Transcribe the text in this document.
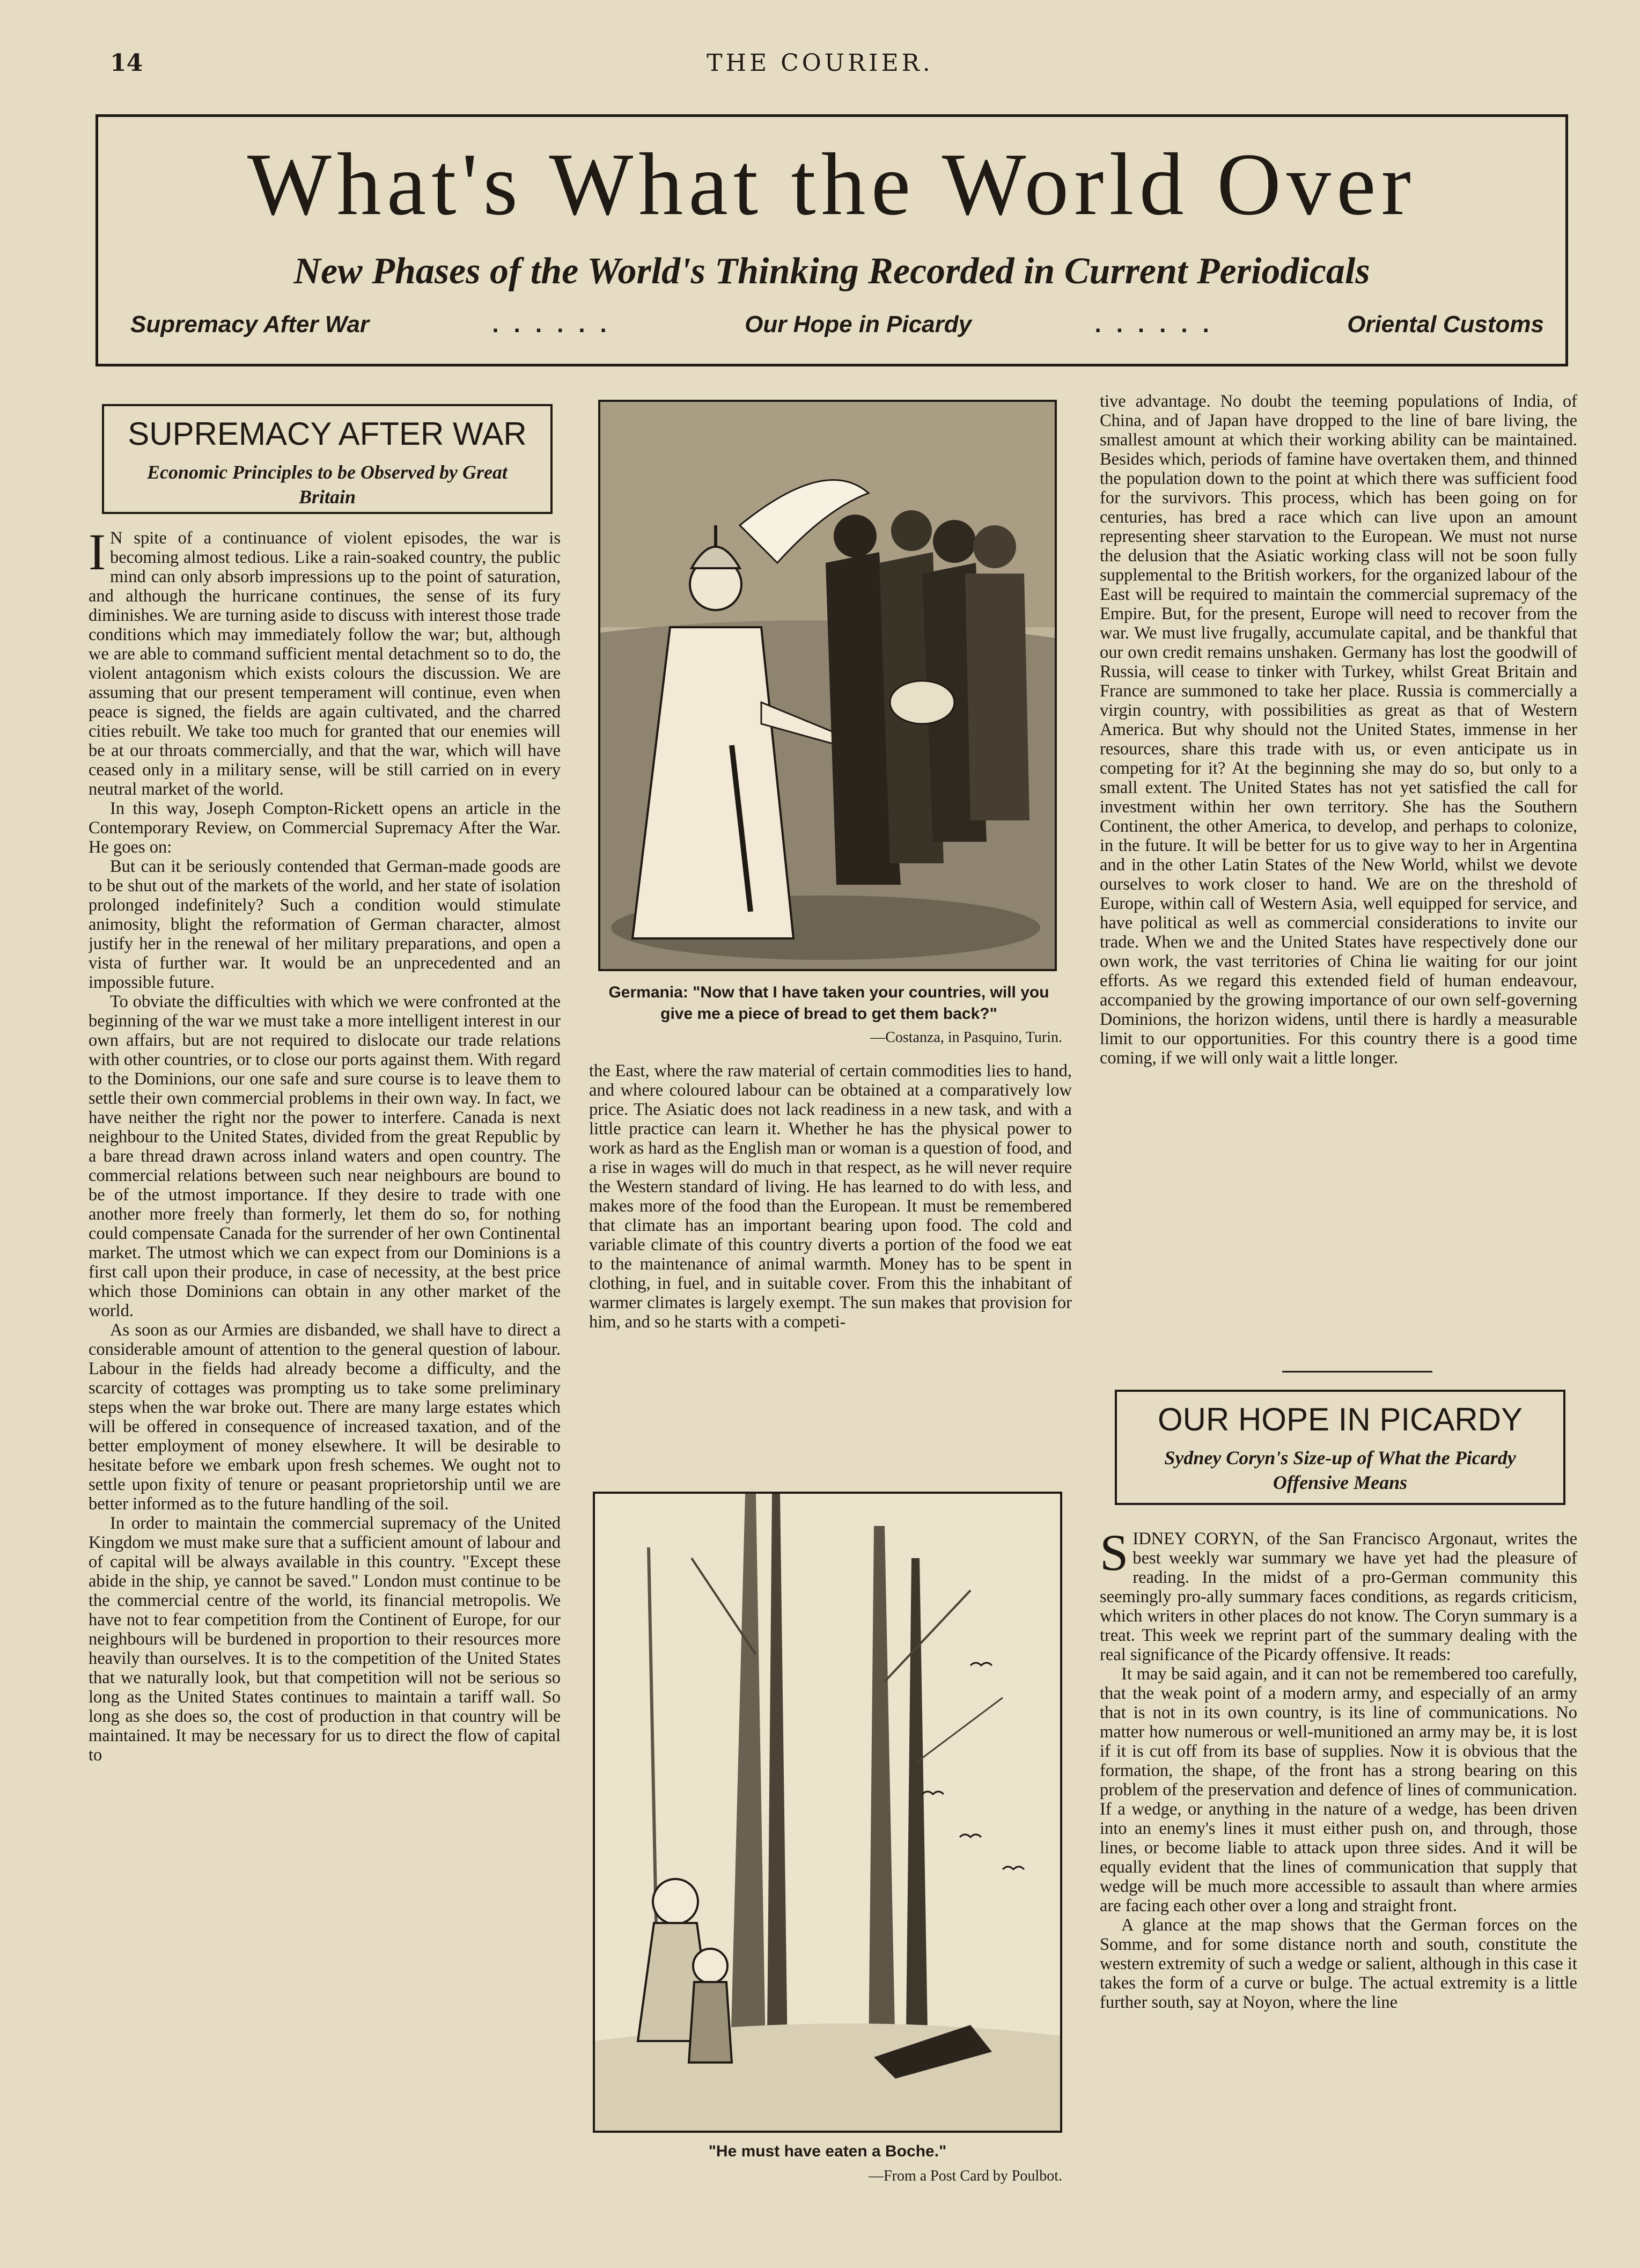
14	THE COURIER.
What's What the World Over
New Phases of the World's Thinking Recorded in Current Periodicals
Supremacy After War	......	Our Hope in Picardy	......	Oriental Customs
SUPREMACY AFTER WAR
Economic Principles to be Observed by Great Britain

I N spite of a continuance of violent episodes, the war is becoming almost tedious. Like a rain-soaked country, the public mind can only absorb impressions up to the point of saturation, and although the hurricane continues, the sense of its fury diminishes. We are turning aside to discuss with interest those trade conditions which may immediately follow the war; but, although we are able to command sufficient mental detachment so to do, the violent antagonism which exists colours the discussion. We are assuming that our present temperament will continue, even when peace is signed, the fields are again cultivated, and the charred cities rebuilt. We take too much for granted that our enemies will be at our throats commercially, and that the war, which will have ceased only in a military sense, will be still carried on in every neutral market of the world.

In this way, Joseph Compton-Rickett opens an article in the Contemporary Review, on Commercial Supremacy After the War. He goes on:

But can it be seriously contended that German-made goods are to be shut out of the markets of the world, and her state of isolation prolonged indefinitely? Such a condition would stimulate animosity, blight the reformation of German character, almost justify her in the renewal of her military preparations, and open a vista of further war. It would be an unprecedented and an impossible future.

To obviate the difficulties with which we were confronted at the beginning of the war we must take a more intelligent interest in our own affairs, but are not required to dislocate our trade relations with other countries, or to close our ports against them. With regard to the Dominions, our one safe and sure course is to leave them to settle their own commercial problems in their own way. In fact, we have neither the right nor the power to interfere. Canada is next neighbour to the United States, divided from the great Republic by a bare thread drawn across inland waters and open country. The commercial relations between such near neighbours are bound to be of the utmost importance. If they desire to trade with one another more freely than formerly, let them do so, for nothing could compensate Canada for the surrender of her own Continental market. The utmost which we can expect from our Dominions is a first call upon their produce, in case of necessity, at the best price which those Dominions can obtain in any other market of the world.

As soon as our Armies are disbanded, we shall have to direct a considerable amount of attention to the general question of labour. Labour in the fields had already become a difficulty, and the scarcity of cottages was prompting us to take some preliminary steps when the war broke out. There are many large estates which will be offered in consequence of increased taxation, and of the better employment of money elsewhere. It will be desirable to hesitate before we embark upon fresh schemes. We ought not to settle upon fixity of tenure or peasant proprietorship until we are better informed as to the future handling of the soil.

In order to maintain the commercial supremacy of the United Kingdom we must make sure that a sufficient amount of labour and of capital will be always available in this country. "Except these abide in the ship, ye cannot be saved." London must continue to be the commercial centre of the world, its financial metropolis. We have not to fear competition from the Continent of Europe, for our neighbours will be burdened in proportion to their resources more heavily than ourselves. It is to the competition of the United States that we naturally look, but that competition will not be serious so long as the United States continues to maintain a tariff wall. So long as she does so, the cost of production in that country will be maintained. It may be necessary for us to direct the flow of capital to

Germania: "Now that I have taken your countries, will you give me a piece of bread to get them back?"
—Costanza, in Pasquino, Turin.

the East, where the raw material of certain commodities lies to hand, and where coloured labour can be obtained at a comparatively low price. The Asiatic does not lack readiness in a new task, and with a little practice can learn it. Whether he has the physical power to work as hard as the English man or woman is a question of food, and a rise in wages will do much in that respect, as he will never require the Western standard of living. He has learned to do with less, and makes more of the food than the European. It must be remembered that climate has an important bearing upon food. The cold and variable climate of this country diverts a portion of the food we eat to the maintenance of animal warmth. Money has to be spent in clothing, in fuel, and in suitable cover. From this the inhabitant of warmer climates is largely exempt. The sun makes that provision for him, and so he starts with a competi-

"He must have eaten a Boche."
—From a Post Card by Poulbot.

tive advantage. No doubt the teeming populations of India, of China, and of Japan have dropped to the line of bare living, the smallest amount at which their working ability can be maintained. Besides which, periods of famine have overtaken them, and thinned the population down to the point at which there was sufficient food for the survivors. This process, which has been going on for centuries, has bred a race which can live upon an amount representing sheer starvation to the European. We must not nurse the delusion that the Asiatic working class will not be soon fully supplemental to the British workers, for the organized labour of the East will be required to maintain the commercial supremacy of the Empire. But, for the present, Europe will need to recover from the war. We must live frugally, accumulate capital, and be thankful that our own credit remains unshaken. Germany has lost the goodwill of Russia, will cease to tinker with Turkey, whilst Great Britain and France are summoned to take her place. Russia is commercially a virgin country, with possibilities as great as that of Western America. But why should not the United States, immense in her resources, share this trade with us, or even anticipate us in competing for it? At the beginning she may do so, but only to a small extent. The United States has not yet satisfied the call for investment within her own territory. She has the Southern Continent, the other America, to develop, and perhaps to colonize, in the future. It will be better for us to give way to her in Argentina and in the other Latin States of the New World, whilst we devote ourselves to work closer to hand. We are on the threshold of Europe, within call of Western Asia, well equipped for service, and have political as well as commercial considerations to invite our trade. When we and the United States have respectively done our own work, the vast territories of China lie waiting for our joint efforts. As we regard this extended field of human endeavour, accompanied by the growing importance of our own self-governing Dominions, the horizon widens, until there is hardly a measurable limit to our opportunities. For this country there is a good time coming, if we will only wait a little longer.

OUR HOPE IN PICARDY
Sydney Coryn's Size-up of What the Picardy Offensive Means

SIDNEY CORYN, of the San Francisco Argonaut, writes the best weekly war summary we have yet had the pleasure of reading. In the midst of a pro-German community this seemingly pro-ally summary faces conditions, as regards criticism, which writers in other places do not know. The Coryn summary is a treat. This week we reprint part of the summary dealing with the real significance of the Picardy offensive. It reads:

It may be said again, and it can not be remembered too carefully, that the weak point of a modern army, and especially of an army that is not in its own country, is its line of communications. No matter how numerous or well-munitioned an army may be, it is lost if it is cut off from its base of supplies. Now it is obvious that the formation, the shape, of the front has a strong bearing on this problem of the preservation and defence of lines of communication. If a wedge, or anything in the nature of a wedge, has been driven into an enemy's lines it must either push on, and through, those lines, or become liable to attack upon three sides. And it will be equally evident that the lines of communication that supply that wedge will be much more accessible to assault than where armies are facing each other over a long and straight front.

A glance at the map shows that the German forces on the Somme, and for some distance north and south, constitute the western extremity of such a wedge or salient, although in this case it takes the form of a curve or bulge. The actual extremity is a little further south, say at Noyon, where the line
